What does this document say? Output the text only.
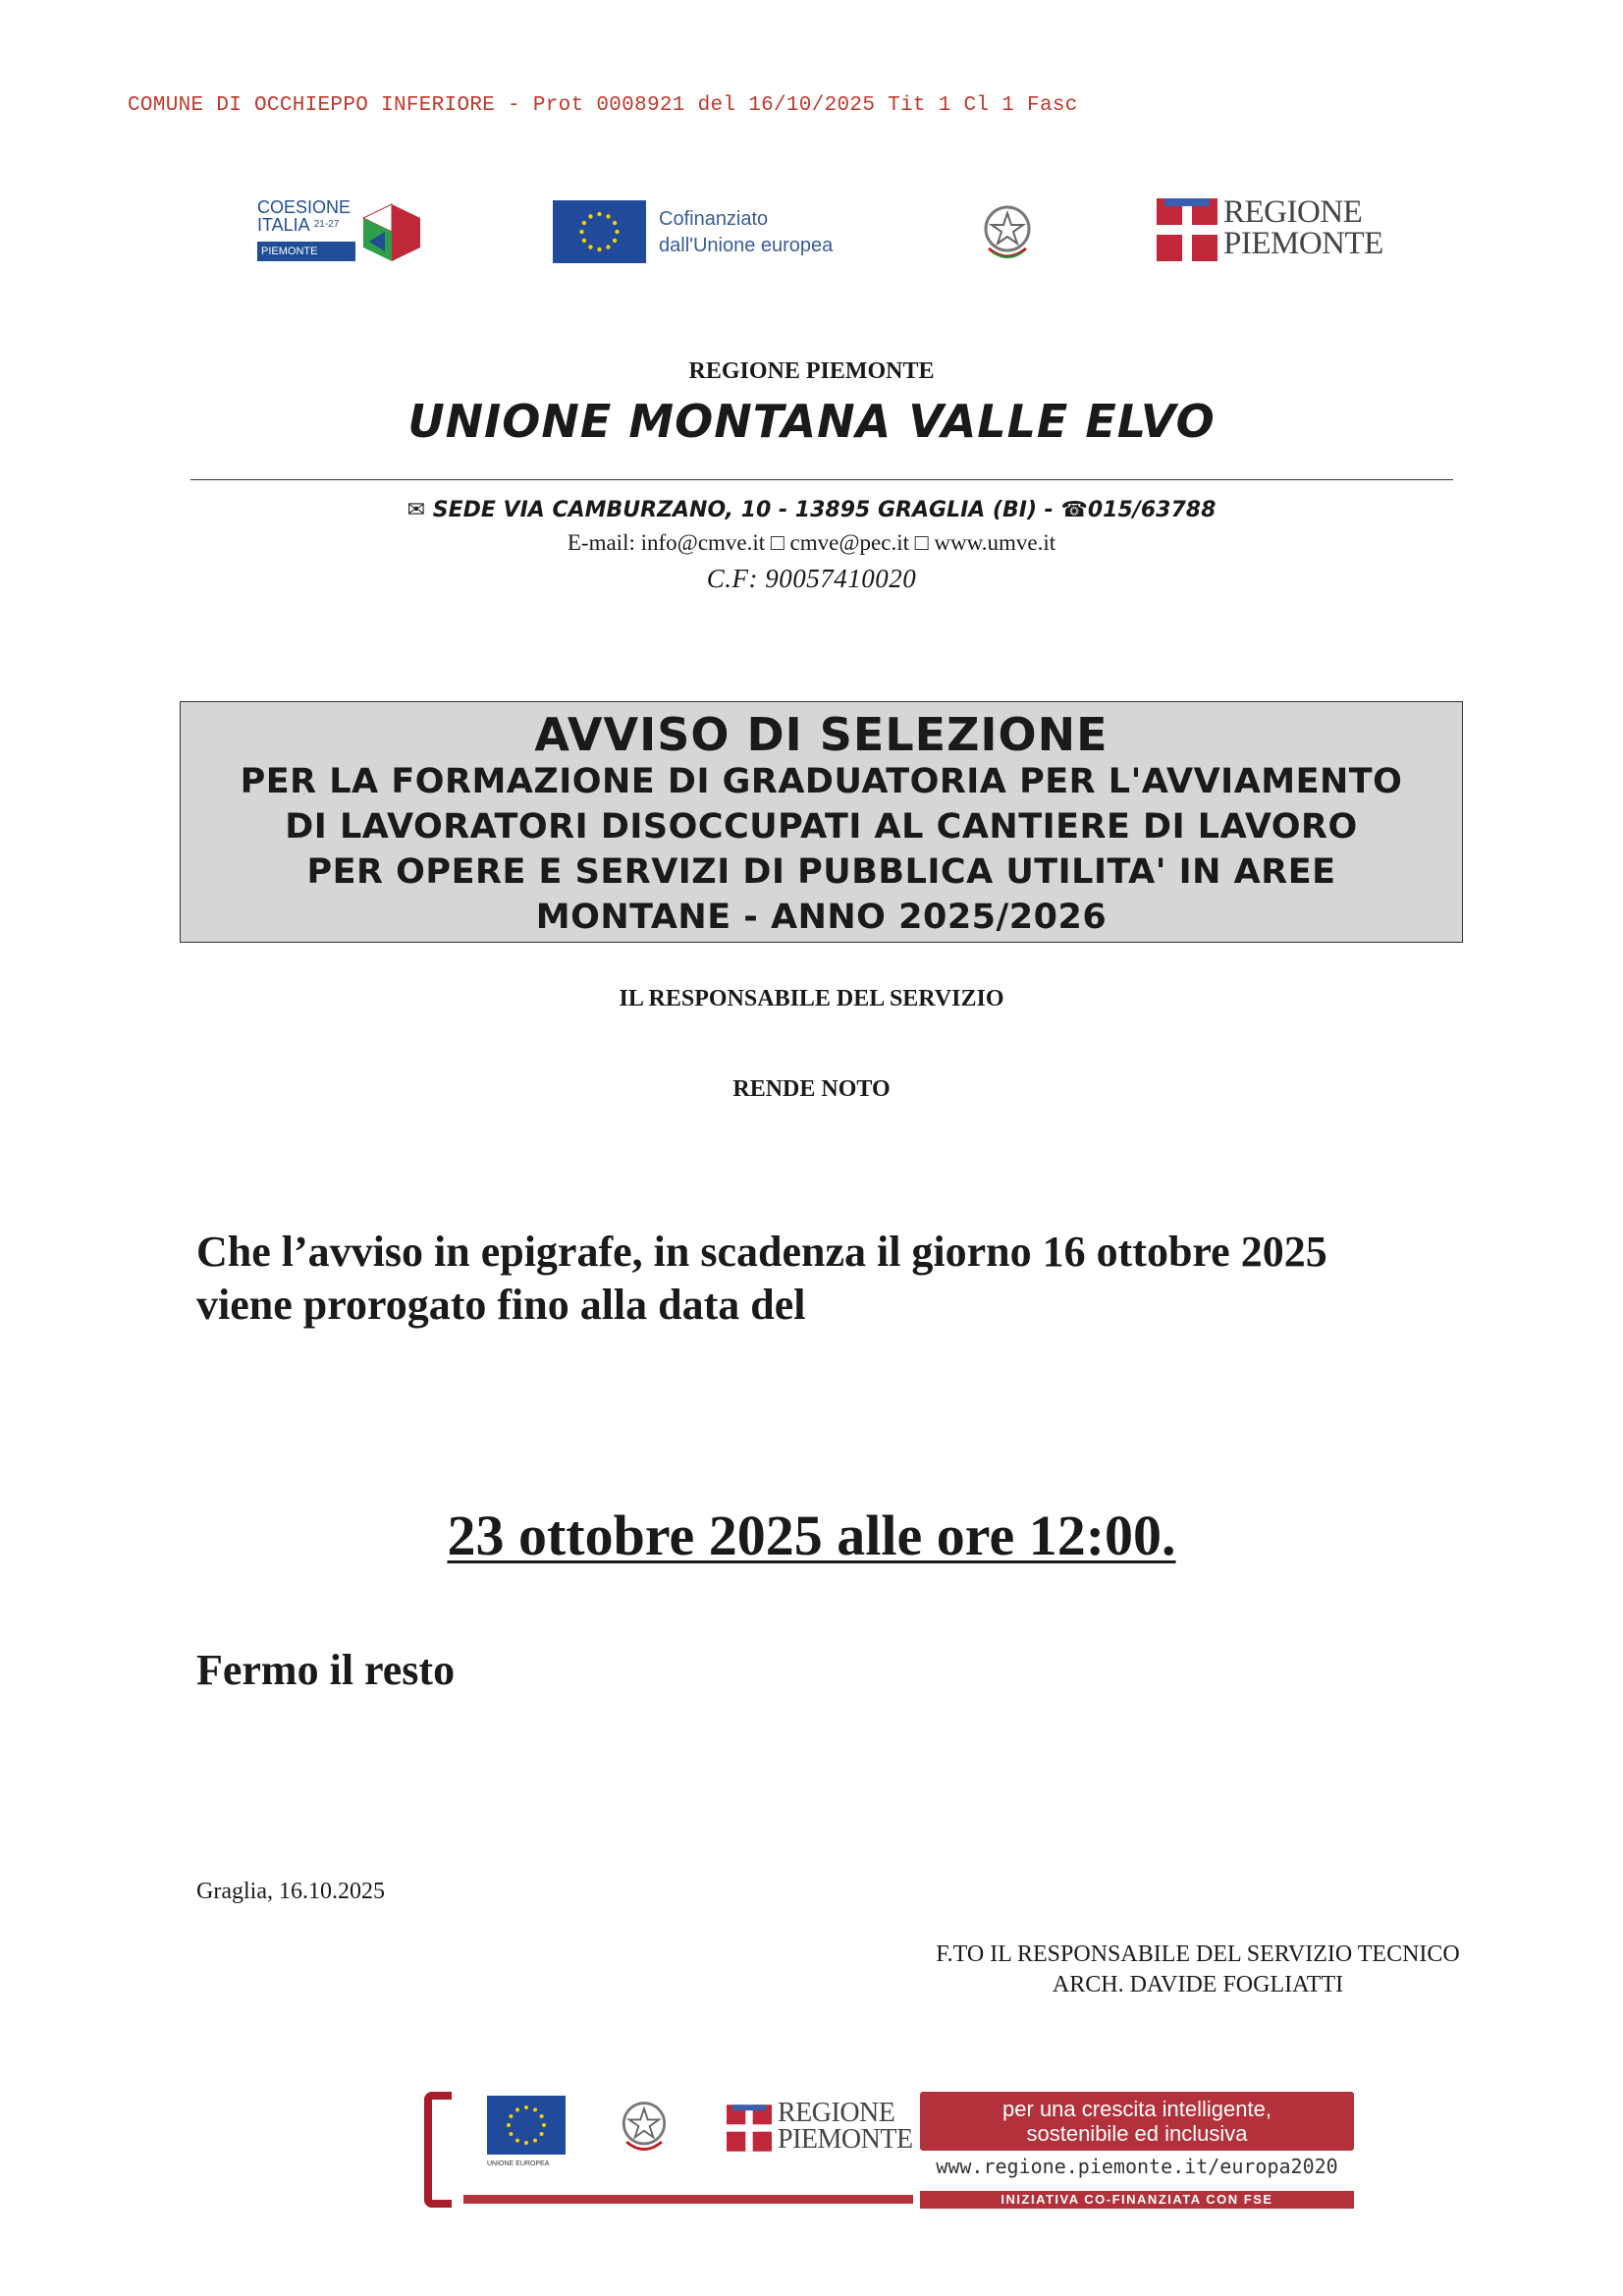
COMUNE DI OCCHIEPPO INFERIORE - Prot 0008921 del 16/10/2025 Tit 1 Cl 1 Fasc
COESIONE
ITALIA $^{21-27}$
PIEMONTE
Cofinanziato
dall'Unione europea
REGIONE
PIEMONTE
REGIONE PIEMONTE
UNIONE MONTANA VALLE ELVO
✉ SEDE VIA CAMBURZANO, 10 - 13895 GRAGLIA (BI) - ☎015/63788
E-mail: info@cmve.it □ cmve@pec.it □ www.umve.it
C.F: 90057410020
AVVISO DI SELEZIONE
PER LA FORMAZIONE DI GRADUATORIA PER L'AVVIAMENTO
DI LAVORATORI DISOCCUPATI AL CANTIERE DI LAVORO
PER OPERE E SERVIZI DI PUBBLICA UTILITA' IN AREE
MONTANE - ANNO 2025/2026
IL RESPONSABILE DEL SERVIZIO
RENDE NOTO
Che l’avviso in epigrafe, in scadenza il giorno 16 ottobre 2025
viene prorogato fino alla data del
23 ottobre 2025 alle ore 12:00.
Fermo il resto
Graglia, 16.10.2025
F.TO IL RESPONSABILE DEL SERVIZIO TECNICO
ARCH. DAVIDE FOGLIATTI
UNIONE EUROPEA
REGIONE
PIEMONTE
per una crescita intelligente,
sostenibile ed inclusiva
www.regione.piemonte.it/europa2020
INIZIATIVA CO-FINANZIATA CON FSE
